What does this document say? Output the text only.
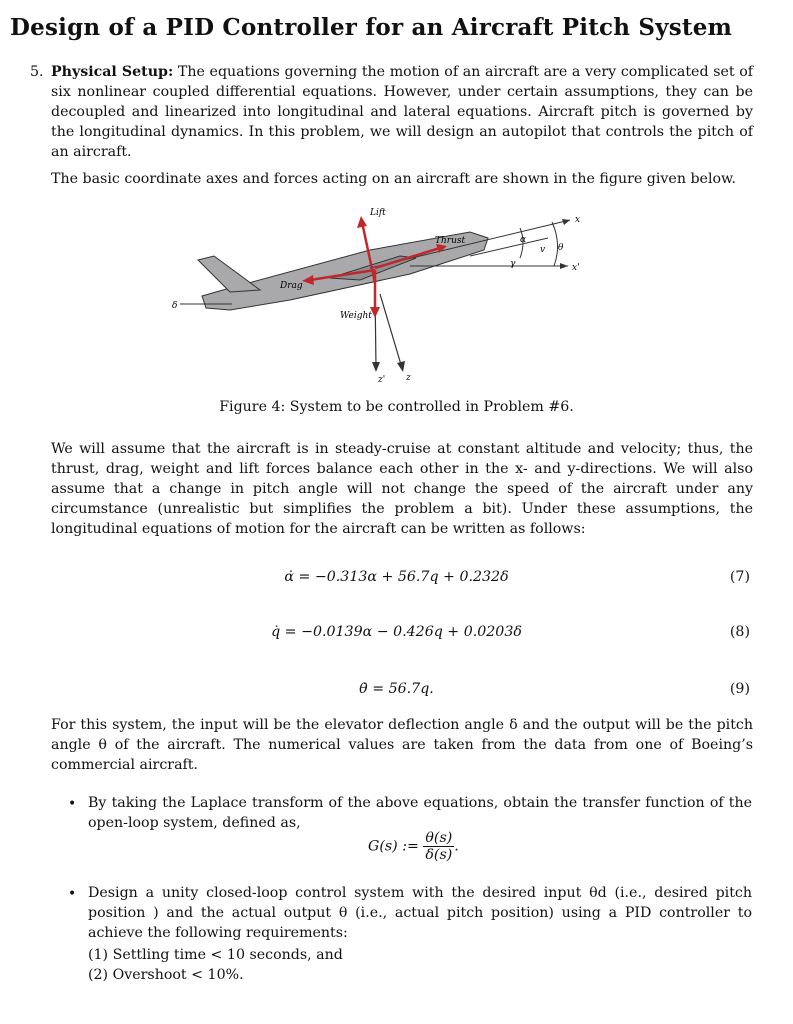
Design of a PID Controller for an Aircraft Pitch System
5. Physical Setup: The equations governing the motion of an aircraft are a very complicated set of six nonlinear coupled differential equations. However, under certain assumptions, they can be decoupled and linearized into longitudinal and lateral equations. Aircraft pitch is governed by the longitudinal dynamics. In this problem, we will design an autopilot that controls the pitch of an aircraft.

The basic coordinate axes and forces acting on an aircraft are shown in the figure given below.

Lift
Thrust
Drag
Weight
x
x'
z' z
α
θ
v
γ
δ
Figure 4: System to be controlled in Problem #6.

We will assume that the aircraft is in steady-cruise at constant altitude and velocity; thus, the thrust, drag, weight and lift forces balance each other in the x- and y-directions. We will also assume that a change in pitch angle will not change the speed of the aircraft under any circumstance (unrealistic but simplifies the problem a bit). Under these assumptions, the longitudinal equations of motion for the aircraft can be written as follows:

α̇ = −0.313α + 56.7q + 0.232δ	(7)
q̇ = −0.0139α − 0.426q + 0.0203δ	(8)
θ̇ = 56.7q.	(9)

For this system, the input will be the elevator deflection angle δ and the output will be the pitch angle θ of the aircraft. The numerical values are taken from the data from one of Boeing’s commercial aircraft.

• By taking the Laplace transform of the above equations, obtain the transfer function of the open-loop system, defined as,

G(s) := $\frac{\theta(s)}{\delta(s)}$ .
• Design a unity closed-loop control system with the desired input θd (i.e., desired pitch position ) and the actual output θ (i.e., actual pitch position) using a PID controller to achieve the following requirements:

(1) Settling time < 10 seconds, and
(2) Overshoot < 10%.
